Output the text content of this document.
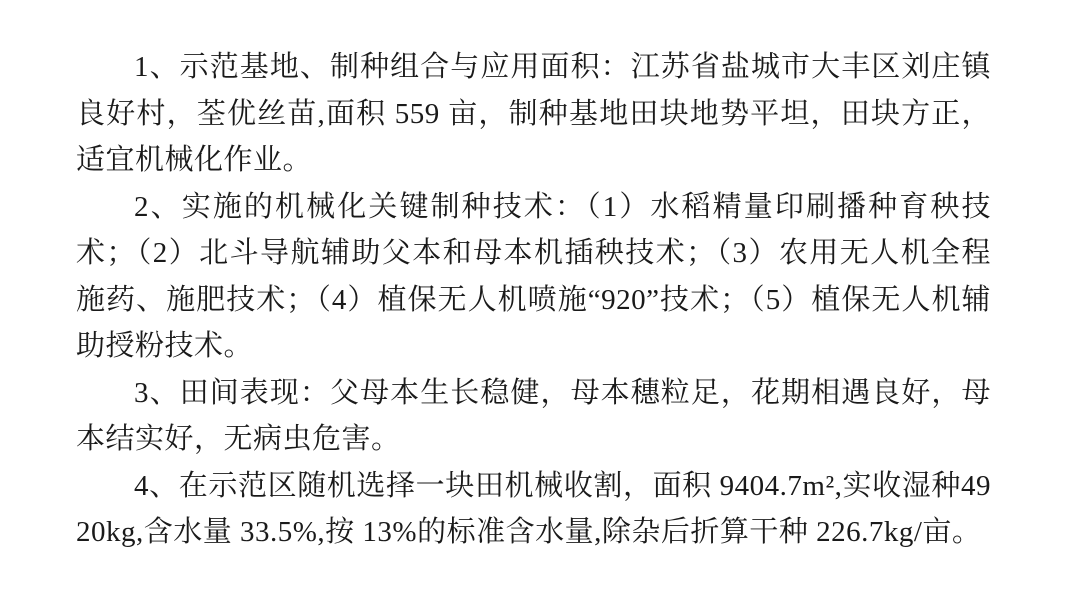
1、示范基地、制种组合与应用面积：江苏省盐城市大丰区刘庄镇良好村，荃优丝苗,面积 559 亩，制种基地田块地势平坦，田块方正，适宜机械化作业。

2、实施的机械化关键制种技术：（1）水稻精量印刷播种育秧技术；（2）北斗导航辅助父本和母本机插秧技术；（3）农用无人机全程施药、施肥技术；（4）植保无人机喷施“920”技术；（5）植保无人机辅助授粉技术。

3、田间表现：父母本生长稳健，母本穗粒足，花期相遇良好，母本结实好，无病虫危害。

4、在示范区随机选择一块田机械收割，面积 9404.7m²,实收湿种4920kg,含水量 33.5%,按 13%的标准含水量,除杂后折算干种 226.7kg/亩。
